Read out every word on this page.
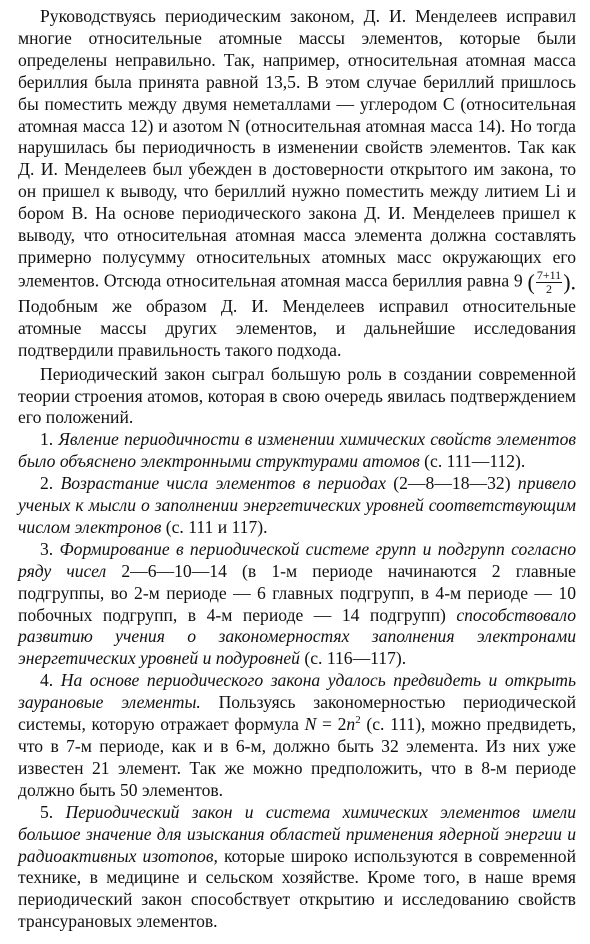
Руководствуясь периодическим законом, Д. И. Менделеев исправил многие относительные атомные массы элементов, которые были определены неправильно. Так, например, относительная атомная масса бериллия была принята равной 13,5. В этом случае бериллий пришлось бы поместить между двумя неметаллами — углеродом С (относительная атомная масса 12) и азотом N (относительная атомная масса 14). Но тогда нарушилась бы периодичность в изменении свойств элементов. Так как Д. И. Менделеев был убежден в достоверности открытого им закона, то он пришел к выводу, что бериллий нужно поместить между литием Li и бором B. На основе периодического закона Д. И. Менделеев пришел к выводу, что относительная атомная масса элемента должна составлять примерно полусумму относительных атомных масс окружающих его элементов. Отсюда относительная атомная масса бериллия равна 9 ( $\frac{7+11}{2}$ ). Подобным же образом Д. И. Менделеев исправил относительные атомные массы других элементов, и дальнейшие исследования подтвердили правильность такого подхода.

Периодический закон сыграл большую роль в создании современной теории строения атомов, которая в свою очередь явилась подтверждением его положений.

1. Явление периодичности в изменении химических свойств элементов было объяснено электронными структурами атомов (с. 111—112).

2. Возрастание числа элементов в периодах (2—8—18—32) привело ученых к мысли о заполнении энергетических уровней соответствующим числом электронов (с. 111 и 117).

3. Формирование в периодической системе групп и подгрупп согласно ряду чисел 2—6—10—14 (в 1-м периоде начинаются 2 главные подгруппы, во 2-м периоде — 6 главных подгрупп, в 4-м периоде — 10 побочных подгрупп, в 4-м периоде — 14 подгрупп) способствовало развитию учения о закономерностях заполнения электронами энергетических уровней и подуровней (с. 116—117).

4. На основе периодического закона удалось предвидеть и открыть заурановые элементы. Пользуясь закономерностью периодической системы, которую отражает формула $N = 2n^2$ (с. 111), можно предвидеть, что в 7-м периоде, как и в 6-м, должно быть 32 элемента. Из них уже известен 21 элемент. Так же можно предположить, что в 8-м периоде должно быть 50 элементов.

5. Периодический закон и система химических элементов имели большое значение для изыскания областей применения ядерной энергии и радиоактивных изотопов, которые широко используются в современной технике, в медицине и сельском хозяйстве. Кроме того, в наше время периодический закон способствует открытию и исследованию свойств трансурановых элементов.
